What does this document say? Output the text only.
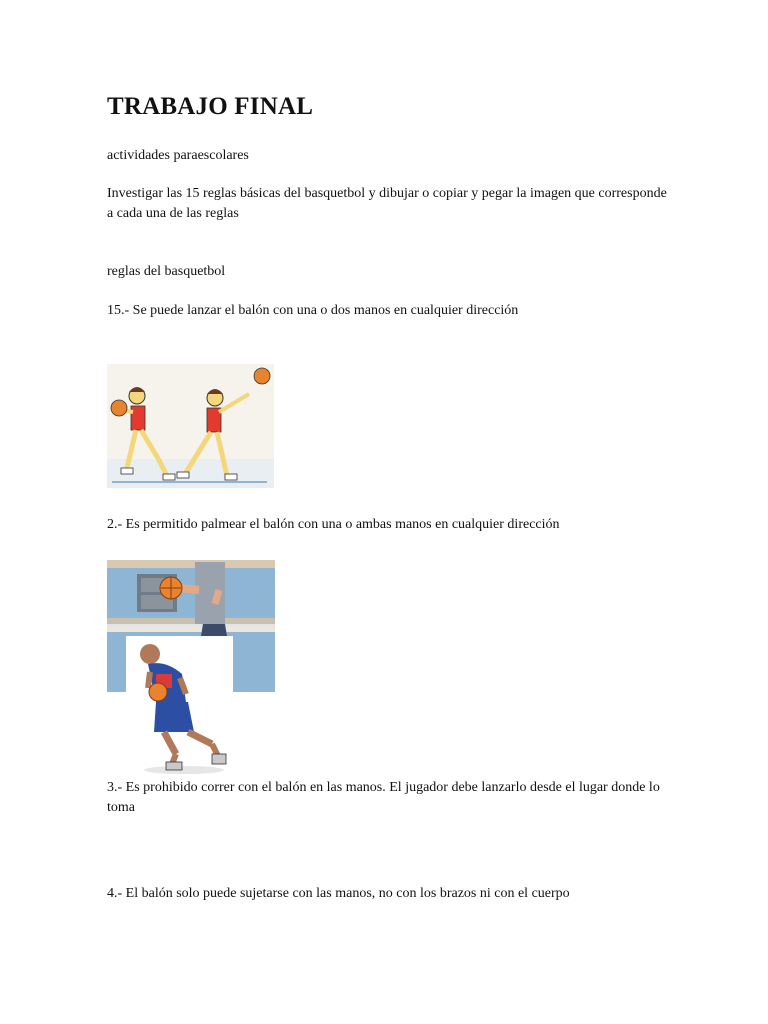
TRABAJO FINAL
actividades paraescolares
Investigar las 15 reglas básicas del basquetbol y dibujar o copiar y pegar la imagen que corresponde a cada una de las reglas
reglas del basquetbol
15.- Se puede lanzar el balón con una o dos manos en cualquier dirección
2.- Es permitido palmear el balón con una o ambas manos en cualquier dirección
3.- Es prohibido correr con el balón en las manos. El jugador debe lanzarlo desde el lugar donde lo toma
4.- El balón solo puede sujetarse con las manos, no con los brazos ni con el cuerpo
